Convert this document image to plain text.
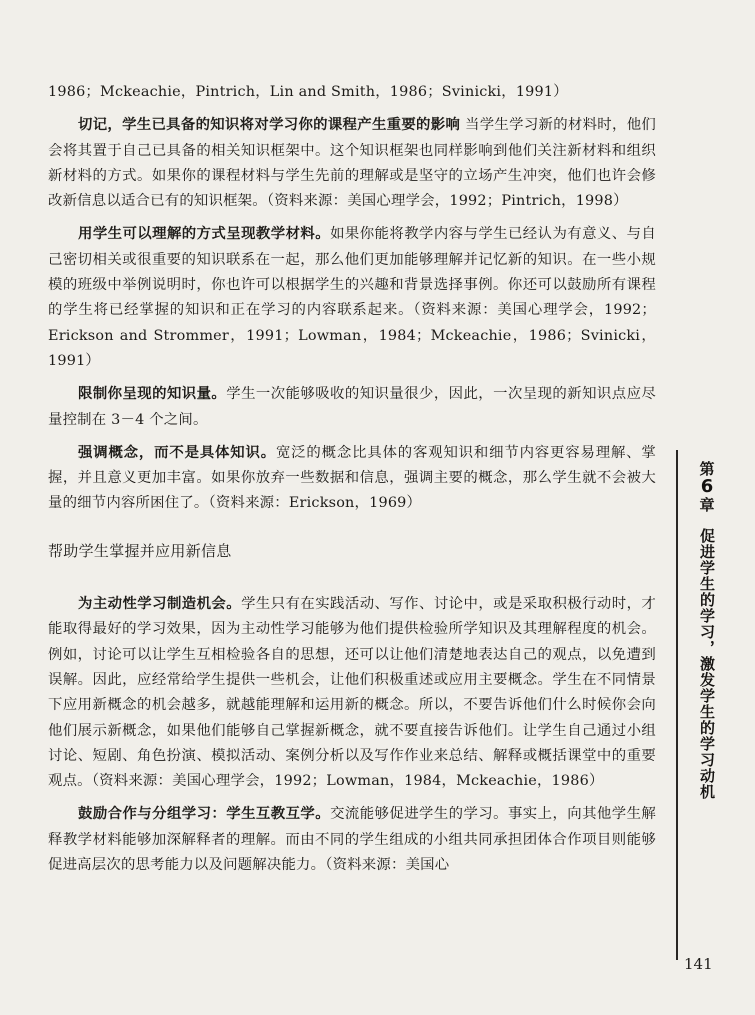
1986；Mckeachie，Pintrich，Lin and Smith，1986；Svinicki，1991）

切记，学生已具备的知识将对学习你的课程产生重要的影响 当学生学习新的材料时，他们会将其置于自己已具备的相关知识框架中。这个知识框架也同样影响到他们关注新材料和组织新材料的方式。如果你的课程材料与学生先前的理解或是坚守的立场产生冲突，他们也许会修改新信息以适合已有的知识框架。（资料来源：美国心理学会，1992；Pintrich，1998）

用学生可以理解的方式呈现教学材料。如果你能将教学内容与学生已经认为有意义、与自己密切相关或很重要的知识联系在一起，那么他们更加能够理解并记忆新的知识。在一些小规模的班级中举例说明时，你也许可以根据学生的兴趣和背景选择事例。你还可以鼓励所有课程的学生将已经掌握的知识和正在学习的内容联系起来。（资料来源：美国心理学会，1992；Erickson and Strommer，1991；Lowman，1984；Mckeachie，1986；Svinicki，1991）

限制你呈现的知识量。学生一次能够吸收的知识量很少，因此，一次呈现的新知识点应尽量控制在 3－4 个之间。

强调概念，而不是具体知识。宽泛的概念比具体的客观知识和细节内容更容易理解、掌握，并且意义更加丰富。如果你放弃一些数据和信息，强调主要的概念，那么学生就不会被大量的细节内容所困住了。（资料来源：Erickson，1969）

帮助学生掌握并应用新信息

为主动性学习制造机会。学生只有在实践活动、写作、讨论中，或是采取积极行动时，才能取得最好的学习效果，因为主动性学习能够为他们提供检验所学知识及其理解程度的机会。例如，讨论可以让学生互相检验各自的思想，还可以让他们清楚地表达自己的观点，以免遭到误解。因此，应经常给学生提供一些机会，让他们积极重述或应用主要概念。学生在不同情景下应用新概念的机会越多，就越能理解和运用新的概念。所以，不要告诉他们什么时候你会向他们展示新概念，如果他们能够自己掌握新概念，就不要直接告诉他们。让学生自己通过小组讨论、短剧、角色扮演、模拟活动、案例分析以及写作作业来总结、解释或概括课堂中的重要观点。（资料来源：美国心理学会，1992；Lowman，1984，Mckeachie，1986）

鼓励合作与分组学习：学生互教互学。交流能够促进学生的学习。事实上，向其他学生解释教学材料能够加深解释者的理解。而由不同的学生组成的小组共同承担团体合作项目则能够促进高层次的思考能力以及问题解决能力。（资料来源：美国心

第
6
章
促进学生的学习，激发学生的学习动机
141
